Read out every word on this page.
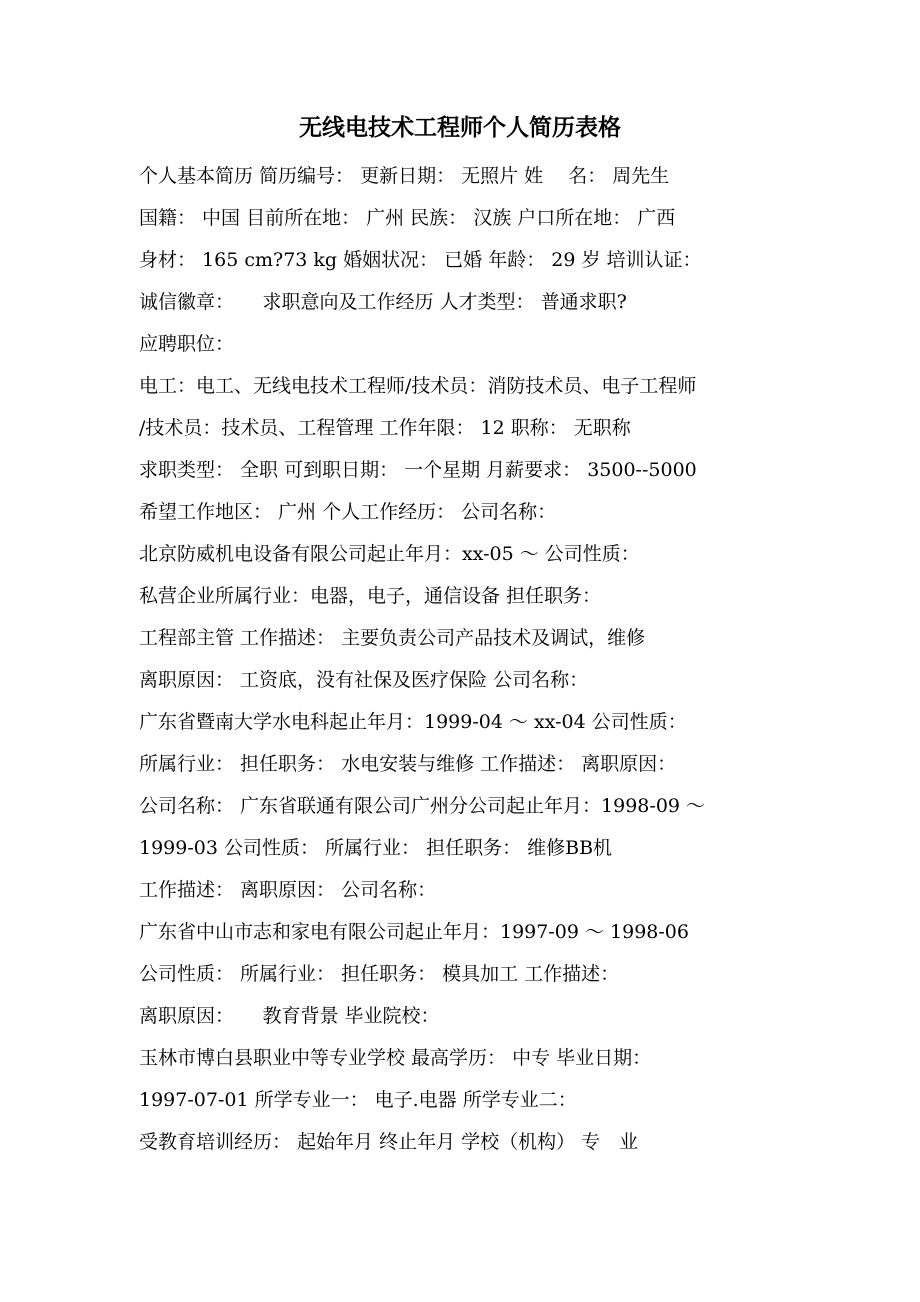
无线电技术工程师个人简历表格
个人基本简历 简历编号： 更新日期： 无照片 姓　 名： 周先生
国籍： 中国 目前所在地： 广州 民族： 汉族 户口所在地： 广西
身材： 165 cm?73 kg 婚姻状况： 已婚 年龄： 29 岁 培训认证：
诚信徽章：　　求职意向及工作经历 人才类型： 普通求职?
应聘职位：
电工：电工、无线电技术工程师/技术员：消防技术员、电子工程师
/技术员：技术员、工程管理 工作年限： 12 职称： 无职称
求职类型： 全职 可到职日期： 一个星期 月薪要求： 3500--5000
希望工作地区： 广州 个人工作经历： 公司名称：
北京防威机电设备有限公司起止年月：xx-05 ～ 公司性质：
私营企业所属行业：电器，电子，通信设备 担任职务：
工程部主管 工作描述： 主要负责公司产品技术及调试，维修
离职原因： 工资底，没有社保及医疗保险 公司名称：
广东省暨南大学水电科起止年月：1999-04 ～ xx-04 公司性质：
所属行业： 担任职务： 水电安装与维修 工作描述： 离职原因：
公司名称： 广东省联通有限公司广州分公司起止年月：1998-09 ～
1999-03 公司性质： 所属行业： 担任职务： 维修BB机
工作描述： 离职原因： 公司名称：
广东省中山市志和家电有限公司起止年月：1997-09 ～ 1998-06
公司性质： 所属行业： 担任职务： 模具加工 工作描述：
离职原因：　　教育背景 毕业院校：
玉林市博白县职业中等专业学校 最高学历： 中专 毕业日期：
1997-07-01 所学专业一： 电子.电器 所学专业二：
受教育培训经历： 起始年月 终止年月 学校（机构） 专　业
